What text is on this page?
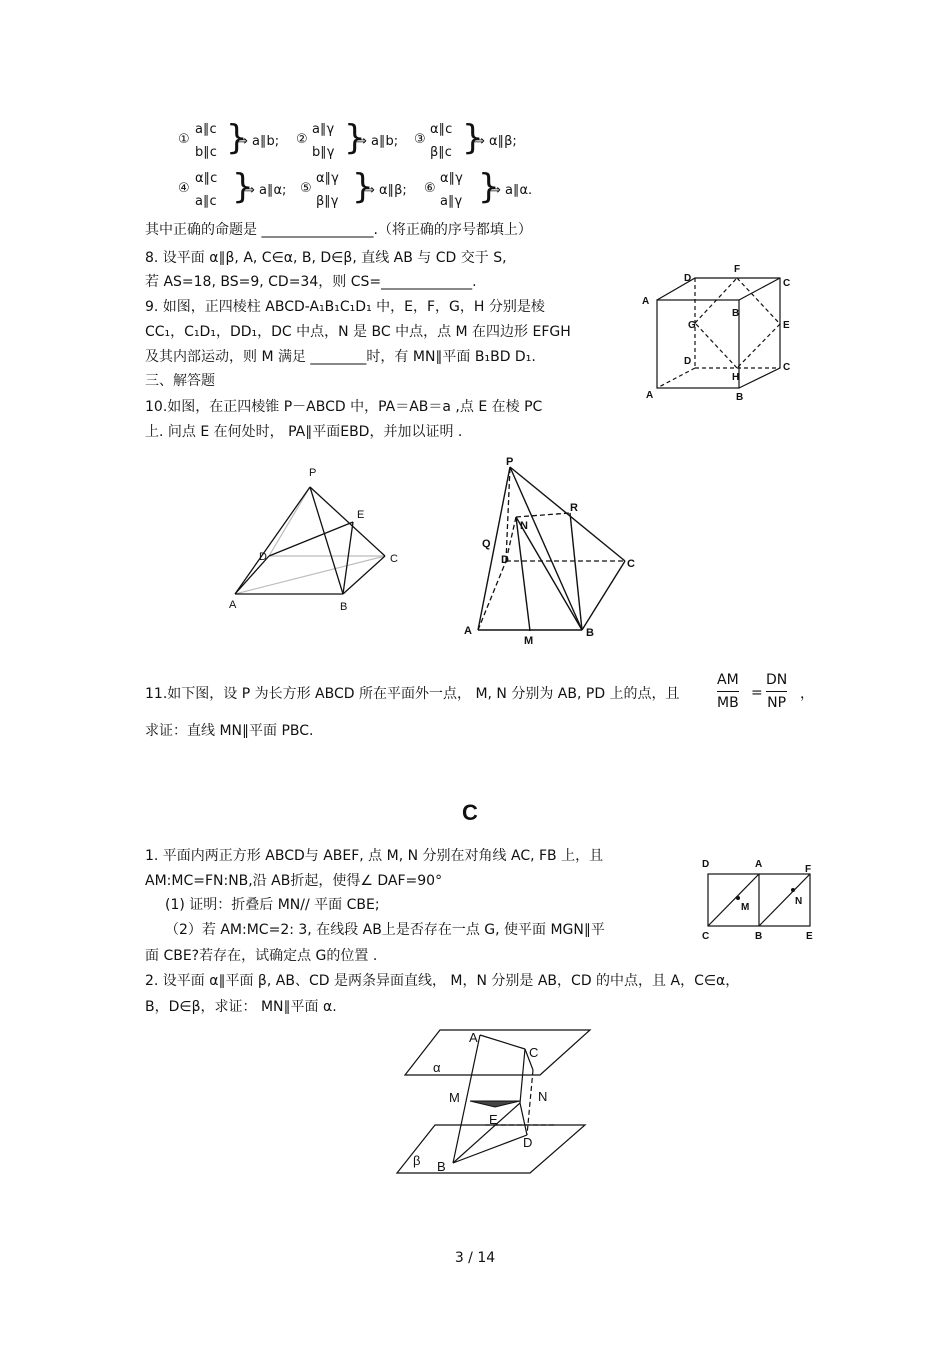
①
a∥c
b∥c }
⇒ a∥b; ②
a∥γ
b∥γ }
⇒ a∥b; ③
α∥c
β∥c }
⇒ α∥β;
④
α∥c
a∥c }
⇒ a∥α; ⑤
α∥γ
β∥γ }
⇒ α∥β; ⑥
α∥γ
a∥γ }
⇒ a∥α.
其中正确的命题是 ________________.（将正确的序号都填上）
8. 设平面 α∥β, A, C∈α, B, D∈β, 直线 AB 与 CD 交于 S,
若 AS=18, BS=9, CD=34，则 CS=_____________.
9. 如图，正四棱柱 ABCD-A₁B₁C₁D₁ 中，E，F，G，H 分别是棱
CC₁，C₁D₁，DD₁，DC 中点，N 是 BC 中点，点 M 在四边形 EFGH
及其内部运动，则 M 满足 ________时，有 MN∥平面 B₁BD D₁.
三、解答题
10.如图，在正四棱锥 P－ABCD 中，PA＝AB＝a ,点 E 在棱 PC
上. 问点 E 在何处时， PA∥平面EBD，并加以证明 .
A
D
F
C
B
G	E
D
C
H
A	B
P
E
D	C
A	B
P
R
N
Q
D	C
A
M
B
11.如下图，设 P 为长方形 ABCD 所在平面外一点， M, N 分别为 AB, PD 上的点，且
AM
MB
=
DN
NP
，
求证：直线 MN∥平面 PBC.
C
1. 平面内两正方形 ABCD与 ABEF, 点 M, N 分别在对角线 AC, FB 上，且
AM:MC=FN:NB,沿 AB折起，使得∠ DAF=90°
(1) 证明：折叠后 MN// 平面 CBE;
（2）若 AM:MC=2: 3, 在线段 AB上是否存在一点 G, 使平面 MGN∥平
面 CBE?若存在，试确定点 G的位置 .
2. 设平面 α∥平面 β, AB、CD 是两条异面直线， M，N 分别是 AB，CD 的中点，且 A，C∈α，
B，D∈β，求证： MN∥平面 α.
D	A	F
M
N
C	B	E
A
C
α
M	N
E
D
β B
3 / 14
